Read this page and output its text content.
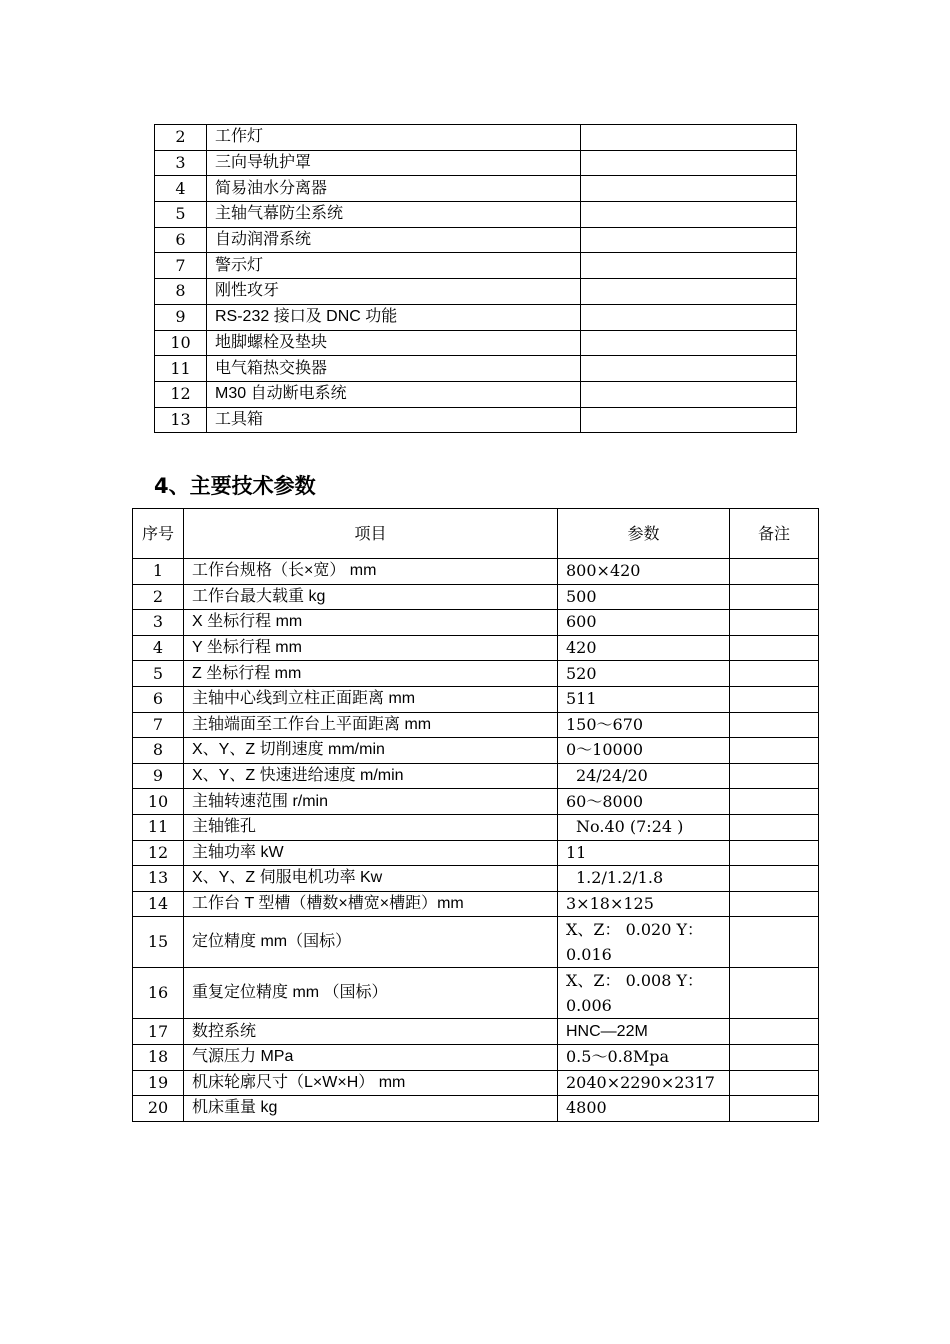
2	工作灯	
3	三向导轨护罩	
4	简易油水分离器	
5	主轴气幕防尘系统	
6	自动润滑系统	
7	警示灯	
8	刚性攻牙	
9	RS-232 接口及 DNC 功能	
10	地脚螺栓及垫块	
11	电气箱热交换器	
12	M30 自动断电系统	
13	工具箱	
4、主要技术参数
序号	项目	参数	备注
1	工作台规格（长×宽） mm	800×420	
2	工作台最大载重 kg	500	
3	X 坐标行程 mm	600	
4	Y 坐标行程 mm	420	
5	Z 坐标行程 mm	520	
6	主轴中心线到立柱正面距离 mm	511	
7	主轴端面至工作台上平面距离 mm	150～670	
8	X、Y、Z 切削速度 mm/min	0～10000	
9	X、Y、Z 快速进给速度 m/min	24/24/20	
10	主轴转速范围 r/min	60～8000	
11	主轴锥孔	No.40 (7:24 )	
12	主轴功率 kW	11	
13	X、Y、Z 伺服电机功率 Kw	1.2/1.2/1.8	
14	工作台 T 型槽（槽数×槽宽×槽距）mm	3×18×125	
15	定位精度 mm（国标）	X、Z： 0.020 Y：0.016	
16	重复定位精度 mm （国标）	X、Z： 0.008 Y：0.006	
17	数控系统	HNC—22M	
18	气源压力 MPa	0.5～0.8Mpa	
19	机床轮廓尺寸（L×W×H） mm	2040×2290×2317	
20	机床重量 kg	4800	
